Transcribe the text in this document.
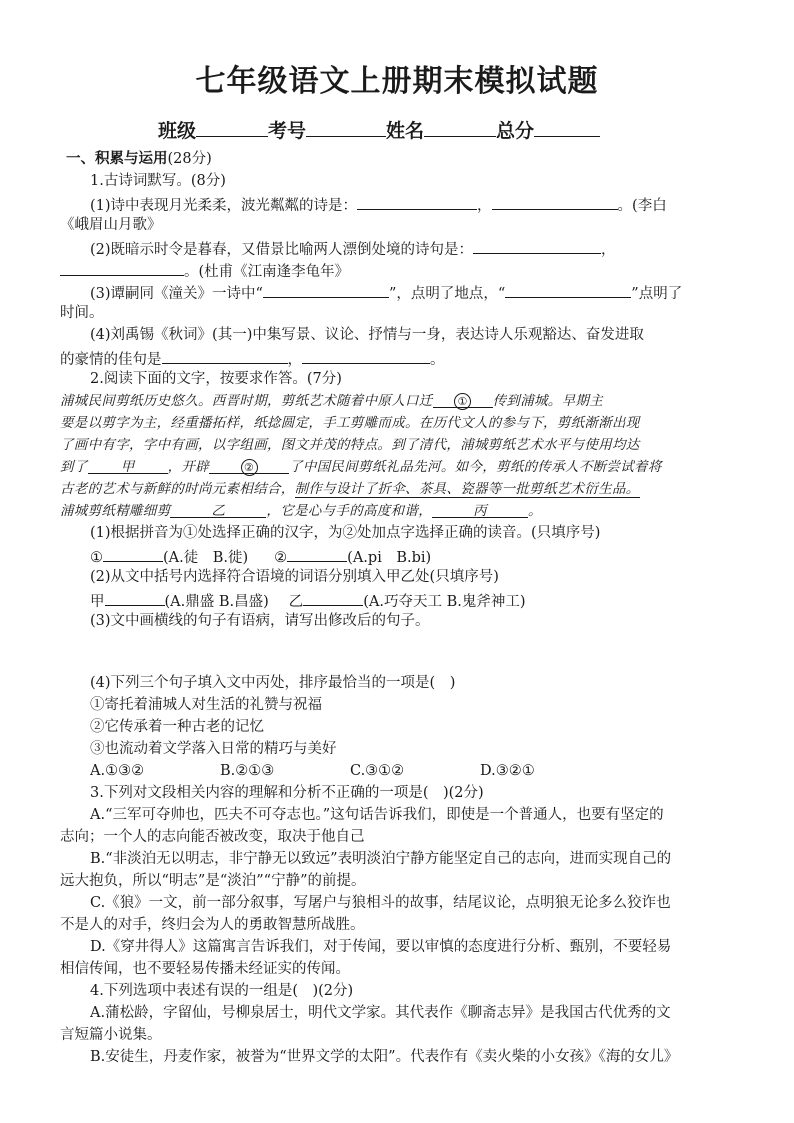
七年级语文上册期末模拟试题
班级	考号	姓名	总分
一、积累与运用(28分)
1.古诗词默写。(8分)
(1)诗中表现月光柔柔，波光粼粼的诗是：	，	。(李白
《峨眉山月歌》
(2)既暗示时令是暮春，又借景比喻两人漂倒处境的诗句是：	，
。(杜甫《江南逢李龟年》
(3)谭嗣同《潼关》一诗中“	”，点明了地点，“	”点明了
时间。
(4)刘禹锡《秋词》(其一)中集写景、议论、抒情与一身，表达诗人乐观豁达、奋发进取
的豪情的佳句是	，	。
2.阅读下面的文字，按要求作答。(7分)
浦城民间剪纸历史悠久。西晋时期，剪纸艺术随着中原人口迁 ① 传到浦城。早期主
要是以剪字为主，经重播拓样，纸捻圆定，手工剪雕而成。在历代文人的参与下，剪纸渐渐出现
了画中有字，字中有画，以字组画，图文并茂的特点。到了清代，浦城剪纸艺术水平与使用均达
到了 甲 ，开辟	②	了中国民间剪纸礼品先河。如今，剪纸的传承人不断尝试着将
古老的艺术与新鲜的时尚元素相结合，制作与设计了折伞、茶具、瓷器等一批剪纸艺术衍生品。
浦城剪纸精雕细剪	乙	，它是心与手的高度和谐，	丙	。
(1)根据拼音为①处选择正确的汉字，为②处加点字选择正确的读音。(只填序号)
①	(A.徒　B.徙) ②	(A.pi　B.bi)
(2)从文中括号内选择符合语境的词语分别填入甲乙处(只填序号)
甲	(A.鼎盛 B.昌盛) 乙	(A.巧夺天工 B.鬼斧神工)
(3)文中画横线的句子有语病，请写出修改后的句子。
(4)下列三个句子填入文中丙处，排序最恰当的一项是(　)
①寄托着浦城人对生活的礼赞与祝福
②它传承着一种古老的记忆
③也流动着文学落入日常的精巧与美好
A.①③②	B.②①③	C.③①②	D.③②①
3.下列对文段相关内容的理解和分析不正确的一项是(　)(2分)
A.“三军可夺帅也，匹夫不可夺志也。”这句话告诉我们，即使是一个普通人，也要有坚定的
志向；一个人的志向能否被改变，取决于他自己
B.“非淡泊无以明志，非宁静无以致远”表明淡泊宁静方能坚定自己的志向，进而实现自己的
远大抱负，所以“明志”是“淡泊”“宁静”的前提。
C.《狼》一文，前一部分叙事，写屠户与狼相斗的故事，结尾议论，点明狼无论多么狡诈也
不是人的对手，终归会为人的勇敢智慧所战胜。
D.《穿井得人》这篇寓言告诉我们，对于传闻，要以审慎的态度进行分析、甄别，不要轻易
相信传闻，也不要轻易传播未经证实的传闻。
4.下列选项中表述有误的一组是(　)(2分)
A.蒲松龄，字留仙，号柳泉居士，明代文学家。其代表作《聊斋志异》是我国古代优秀的文
言短篇小说集。
B.安徒生，丹麦作家，被誉为“世界文学的太阳”。代表作有《卖火柴的小女孩》《海的女儿》
